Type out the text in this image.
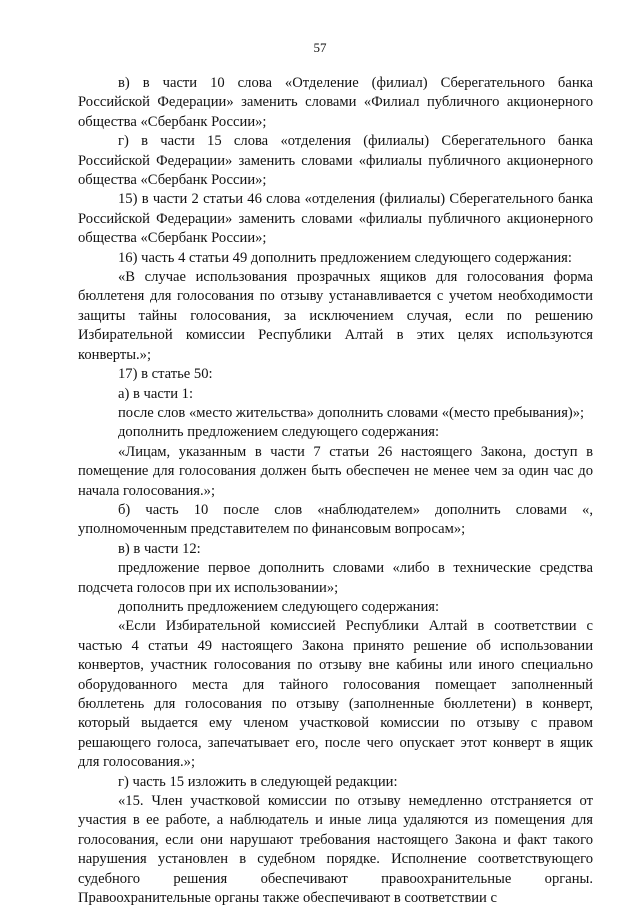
57

в) в части 10 слова «Отделение (филиал) Сберегательного банка Российской Федерации» заменить словами «Филиал публичного акционерного общества «Сбербанк России»;

г) в части 15 слова «отделения (филиалы) Сберегательного банка Российской Федерации» заменить словами «филиалы публичного акционерного общества «Сбербанк России»;

15) в части 2 статьи 46 слова «отделения (филиалы) Сберегательного банка Российской Федерации» заменить словами «филиалы публичного акционерного общества «Сбербанк России»;

16) часть 4 статьи 49 дополнить предложением следующего содержания:

«В случае использования прозрачных ящиков для голосования форма бюллетеня для голосования по отзыву устанавливается с учетом необходимости защиты тайны голосования, за исключением случая, если по решению Избирательной комиссии Республики Алтай в этих целях используются конверты.»;

17) в статье 50:

а) в части 1:

после слов «место жительства» дополнить словами «(место пребывания)»;

дополнить предложением следующего содержания:

«Лицам, указанным в части 7 статьи 26 настоящего Закона, доступ в помещение для голосования должен быть обеспечен не менее чем за один час до начала голосования.»;

б) часть 10 после слов «наблюдателем» дополнить словами «, уполномоченным представителем по финансовым вопросам»;

в) в части 12:

предложение первое дополнить словами «либо в технические средства подсчета голосов при их использовании»;

дополнить предложением следующего содержания:

«Если Избирательной комиссией Республики Алтай в соответствии с частью 4 статьи 49 настоящего Закона принято решение об использовании конвертов, участник голосования по отзыву вне кабины или иного специально оборудованного места для тайного голосования помещает заполненный бюллетень для голосования по отзыву (заполненные бюллетени) в конверт, который выдается ему членом участковой комиссии по отзыву с правом решающего голоса, запечатывает его, после чего опускает этот конверт в ящик для голосования.»;

г) часть 15 изложить в следующей редакции:

«15. Член участковой комиссии по отзыву немедленно отстраняется от участия в ее работе, а наблюдатель и иные лица удаляются из помещения для голосования, если они нарушают требования настоящего Закона и факт такого нарушения установлен в судебном порядке. Исполнение соответствующего судебного решения обеспечивают правоохранительные органы. Правоохранительные органы также обеспечивают в соответствии с
